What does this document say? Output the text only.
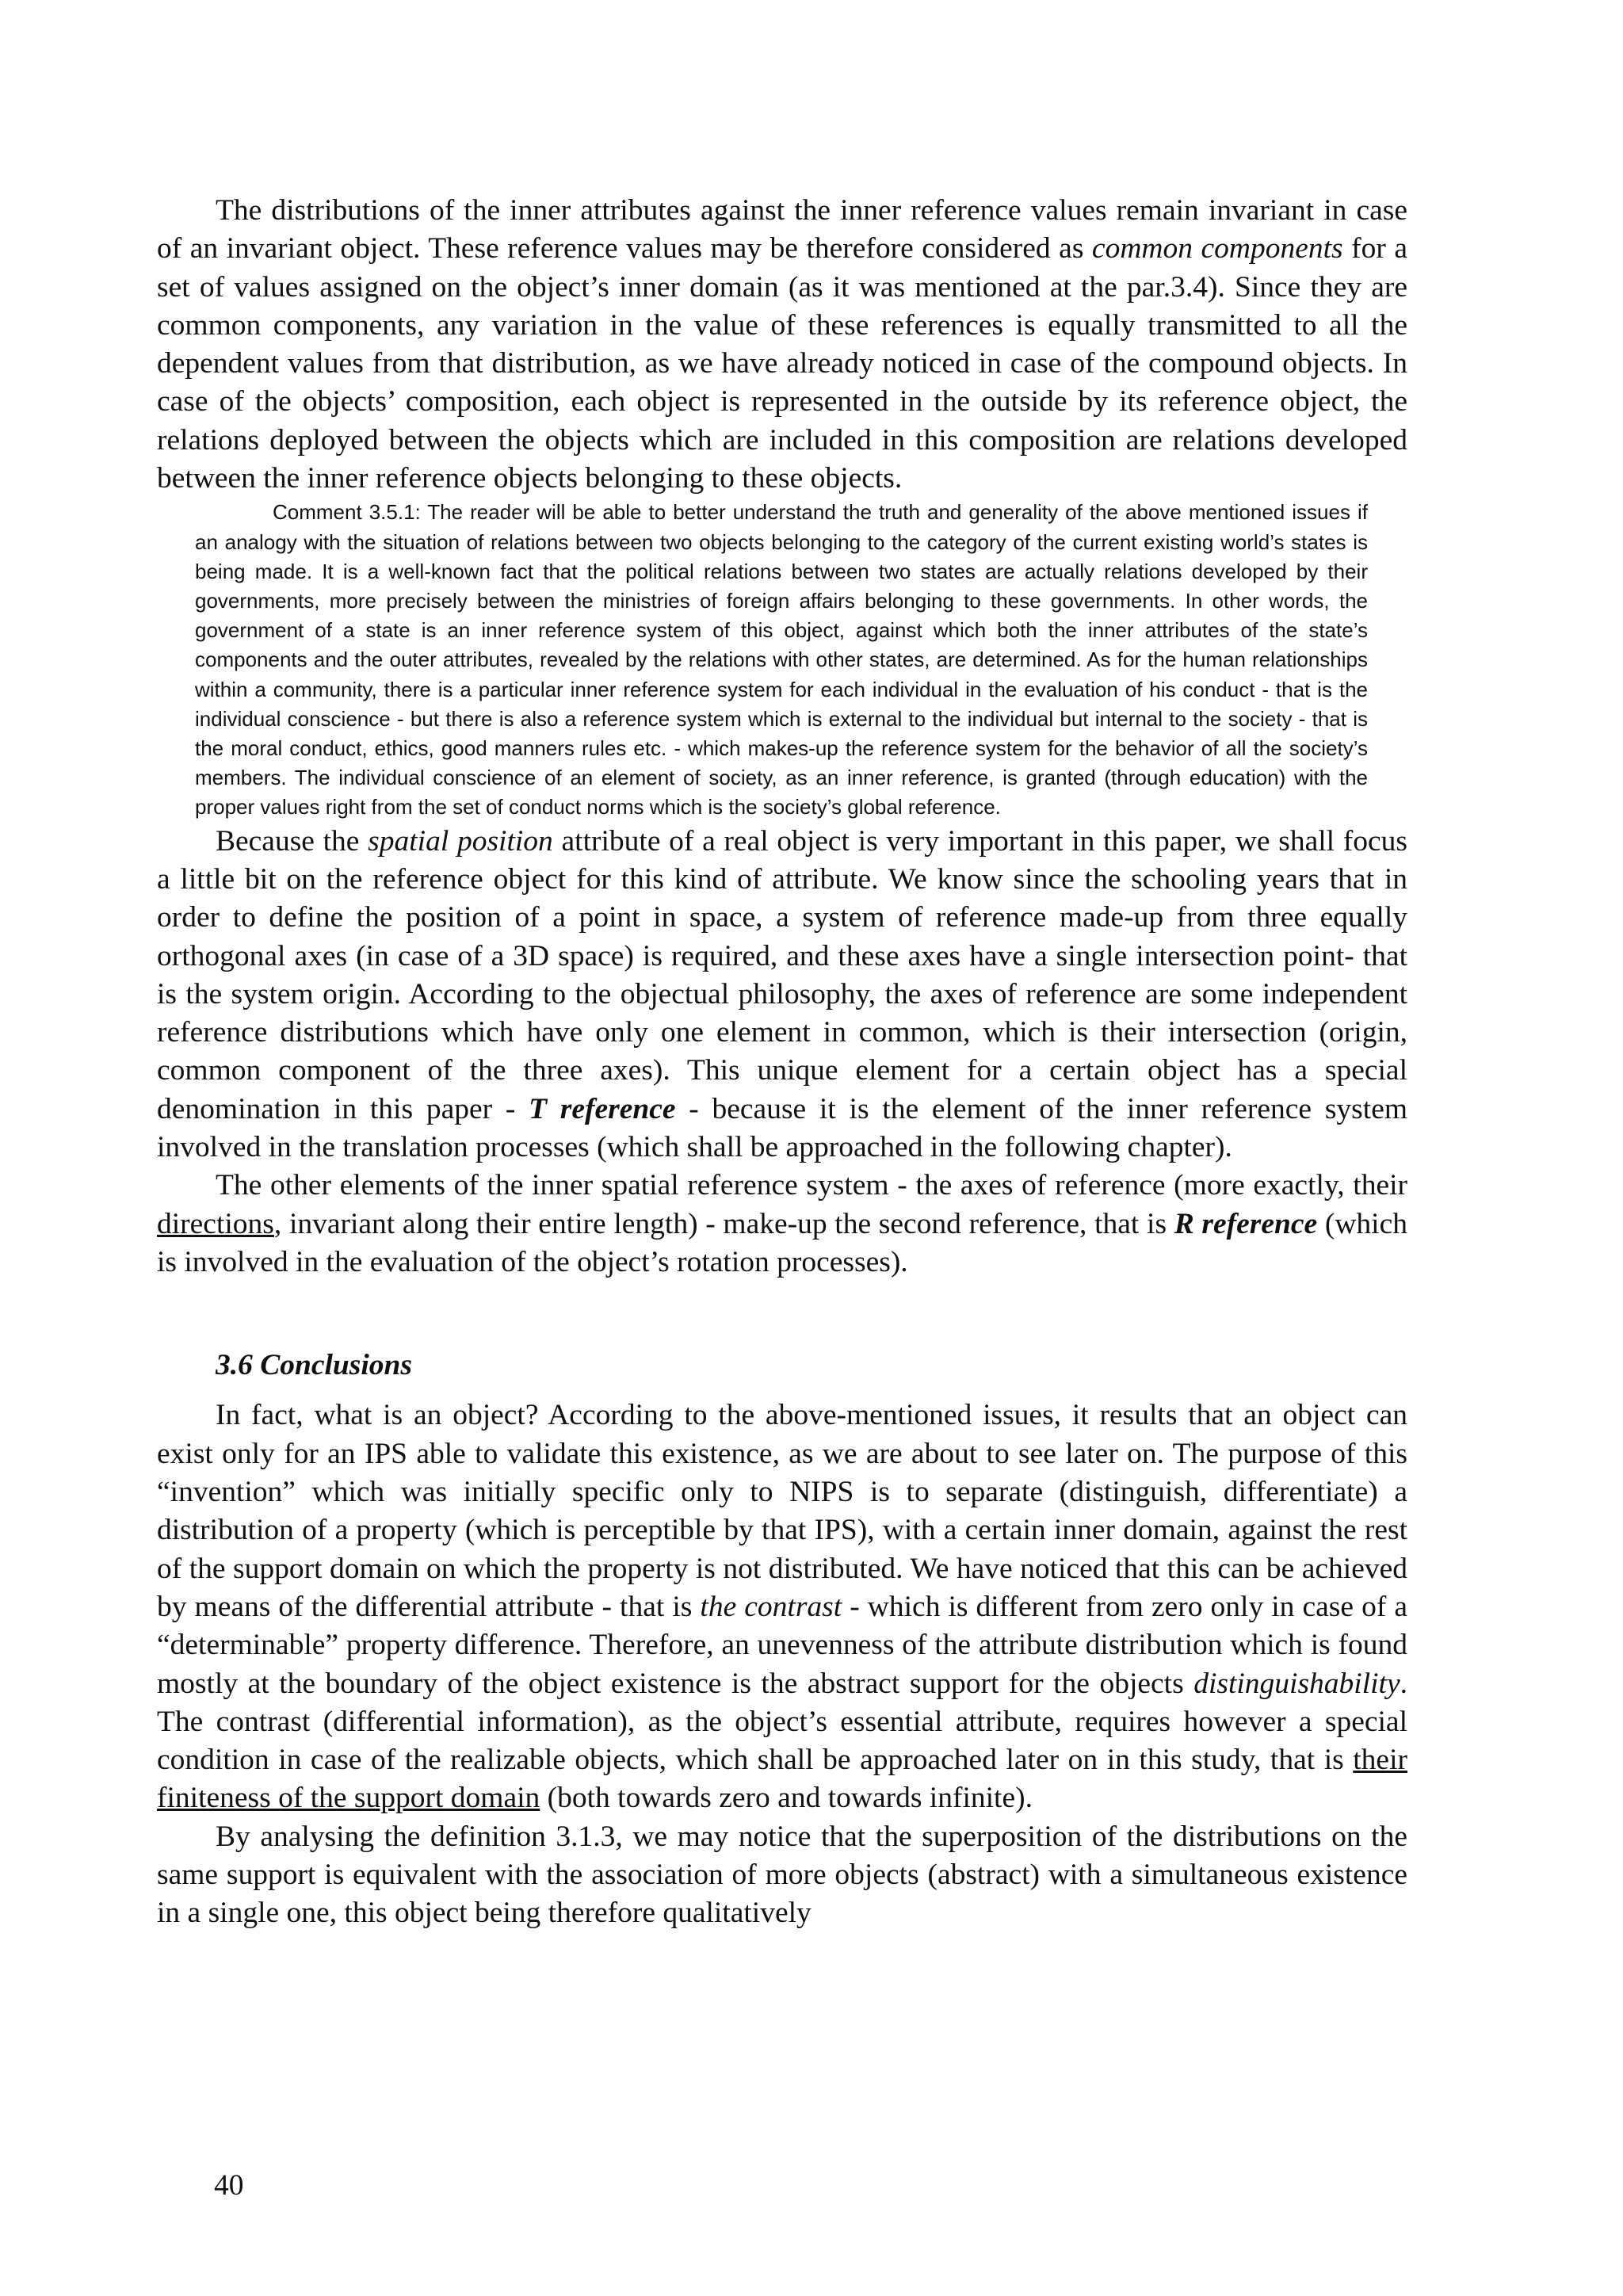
The distributions of the inner attributes against the inner reference values remain invariant in case of an invariant object. These reference values may be therefore considered as common components for a set of values assigned on the object’s inner domain (as it was mentioned at the par.3.4). Since they are common components, any variation in the value of these references is equally transmitted to all the dependent values from that distribution, as we have already noticed in case of the compound objects. In case of the objects’ composition, each object is represented in the outside by its reference object, the relations deployed between the objects which are included in this composition are relations developed between the inner reference objects belonging to these objects.

Comment 3.5.1: The reader will be able to better understand the truth and generality of the above mentioned issues if an analogy with the situation of relations between two objects belonging to the category of the current existing world’s states is being made. It is a well-known fact that the political relations between two states are actually relations developed by their governments, more precisely between the ministries of foreign affairs belonging to these governments. In other words, the government of a state is an inner reference system of this object, against which both the inner attributes of the state’s components and the outer attributes, revealed by the relations with other states, are determined. As for the human relationships within a community, there is a particular inner reference system for each individual in the evaluation of his conduct - that is the individual conscience - but there is also a reference system which is external to the individual but internal to the society - that is the moral conduct, ethics, good manners rules etc. - which makes-up the reference system for the behavior of all the society’s members. The individual conscience of an element of society, as an inner reference, is granted (through education) with the proper values right from the set of conduct norms which is the society’s global reference.

Because the spatial position attribute of a real object is very important in this paper, we shall focus a little bit on the reference object for this kind of attribute. We know since the schooling years that in order to define the position of a point in space, a system of reference made-up from three equally orthogonal axes (in case of a 3D space) is required, and these axes have a single intersection point- that is the system origin. According to the objectual philosophy, the axes of reference are some independent reference distributions which have only one element in common, which is their intersection (origin, common component of the three axes). This unique element for a certain object has a special denomination in this paper - T reference - because it is the element of the inner reference system involved in the translation processes (which shall be approached in the following chapter).

The other elements of the inner spatial reference system - the axes of reference (more exactly, their directions, invariant along their entire length) - make-up the second reference, that is R reference (which is involved in the evaluation of the object’s rotation processes).

3.6 Conclusions

In fact, what is an object? According to the above-mentioned issues, it results that an object can exist only for an IPS able to validate this existence, as we are about to see later on. The purpose of this “invention” which was initially specific only to NIPS is to separate (distinguish, differentiate) a distribution of a property (which is perceptible by that IPS), with a certain inner domain, against the rest of the support domain on which the property is not distributed. We have noticed that this can be achieved by means of the differential attribute - that is the contrast - which is different from zero only in case of a “determinable” property difference. Therefore, an unevenness of the attribute distribution which is found mostly at the boundary of the object existence is the abstract support for the objects distinguishability. The contrast (differential information), as the object’s essential attribute, requires however a special condition in case of the realizable objects, which shall be approached later on in this study, that is their finiteness of the support domain (both towards zero and towards infinite).

By analysing the definition 3.1.3, we may notice that the superposition of the distributions on the same support is equivalent with the association of more objects (abstract) with a simultaneous existence in a single one, this object being therefore qualitatively

40
